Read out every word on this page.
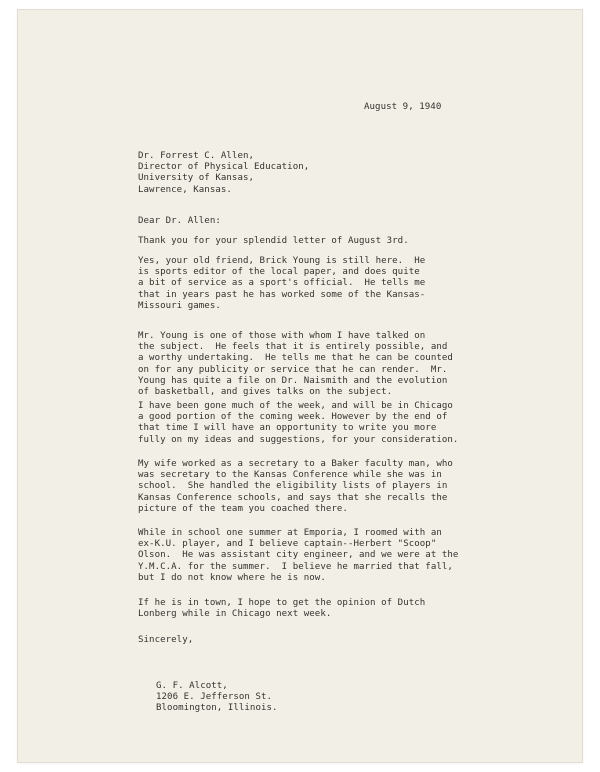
August 9, 1940

Dr. Forrest C. Allen,
Director of Physical Education,
University of Kansas,
Lawrence, Kansas.

Dear Dr. Allen:

Thank you for your splendid letter of August 3rd.
Yes, your old friend, Brick Young is still here.  He
is sports editor of the local paper, and does quite
a bit of service as a sport's official.  He tells me
that in years past he has worked some of the Kansas-
Missouri games.
Mr. Young is one of those with whom I have talked on
the subject.  He feels that it is entirely possible, and
a worthy undertaking.  He tells me that he can be counted
on for any publicity or service that he can render.  Mr.
Young has quite a file on Dr. Naismith and the evolution
of basketball, and gives talks on the subject.
I have been gone much of the week, and will be in Chicago
a good portion of the coming week. However by the end of
that time I will have an opportunity to write you more
fully on my ideas and suggestions, for your consideration.
My wife worked as a secretary to a Baker faculty man, who
was secretary to the Kansas Conference while she was in
school.  She handled the eligibility lists of players in
Kansas Conference schools, and says that she recalls the
picture of the team you coached there.
While in school one summer at Emporia, I roomed with an
ex-K.U. player, and I believe captain--Herbert "Scoop"
Olson.  He was assistant city engineer, and we were at the
Y.M.C.A. for the summer.  I believe he married that fall,
but I do not know where he is now.
If he is in town, I hope to get the opinion of Dutch
Lonberg while in Chicago next week.

Sincerely,

G. F. Alcott,
1206 E. Jefferson St.
Bloomington, Illinois.
